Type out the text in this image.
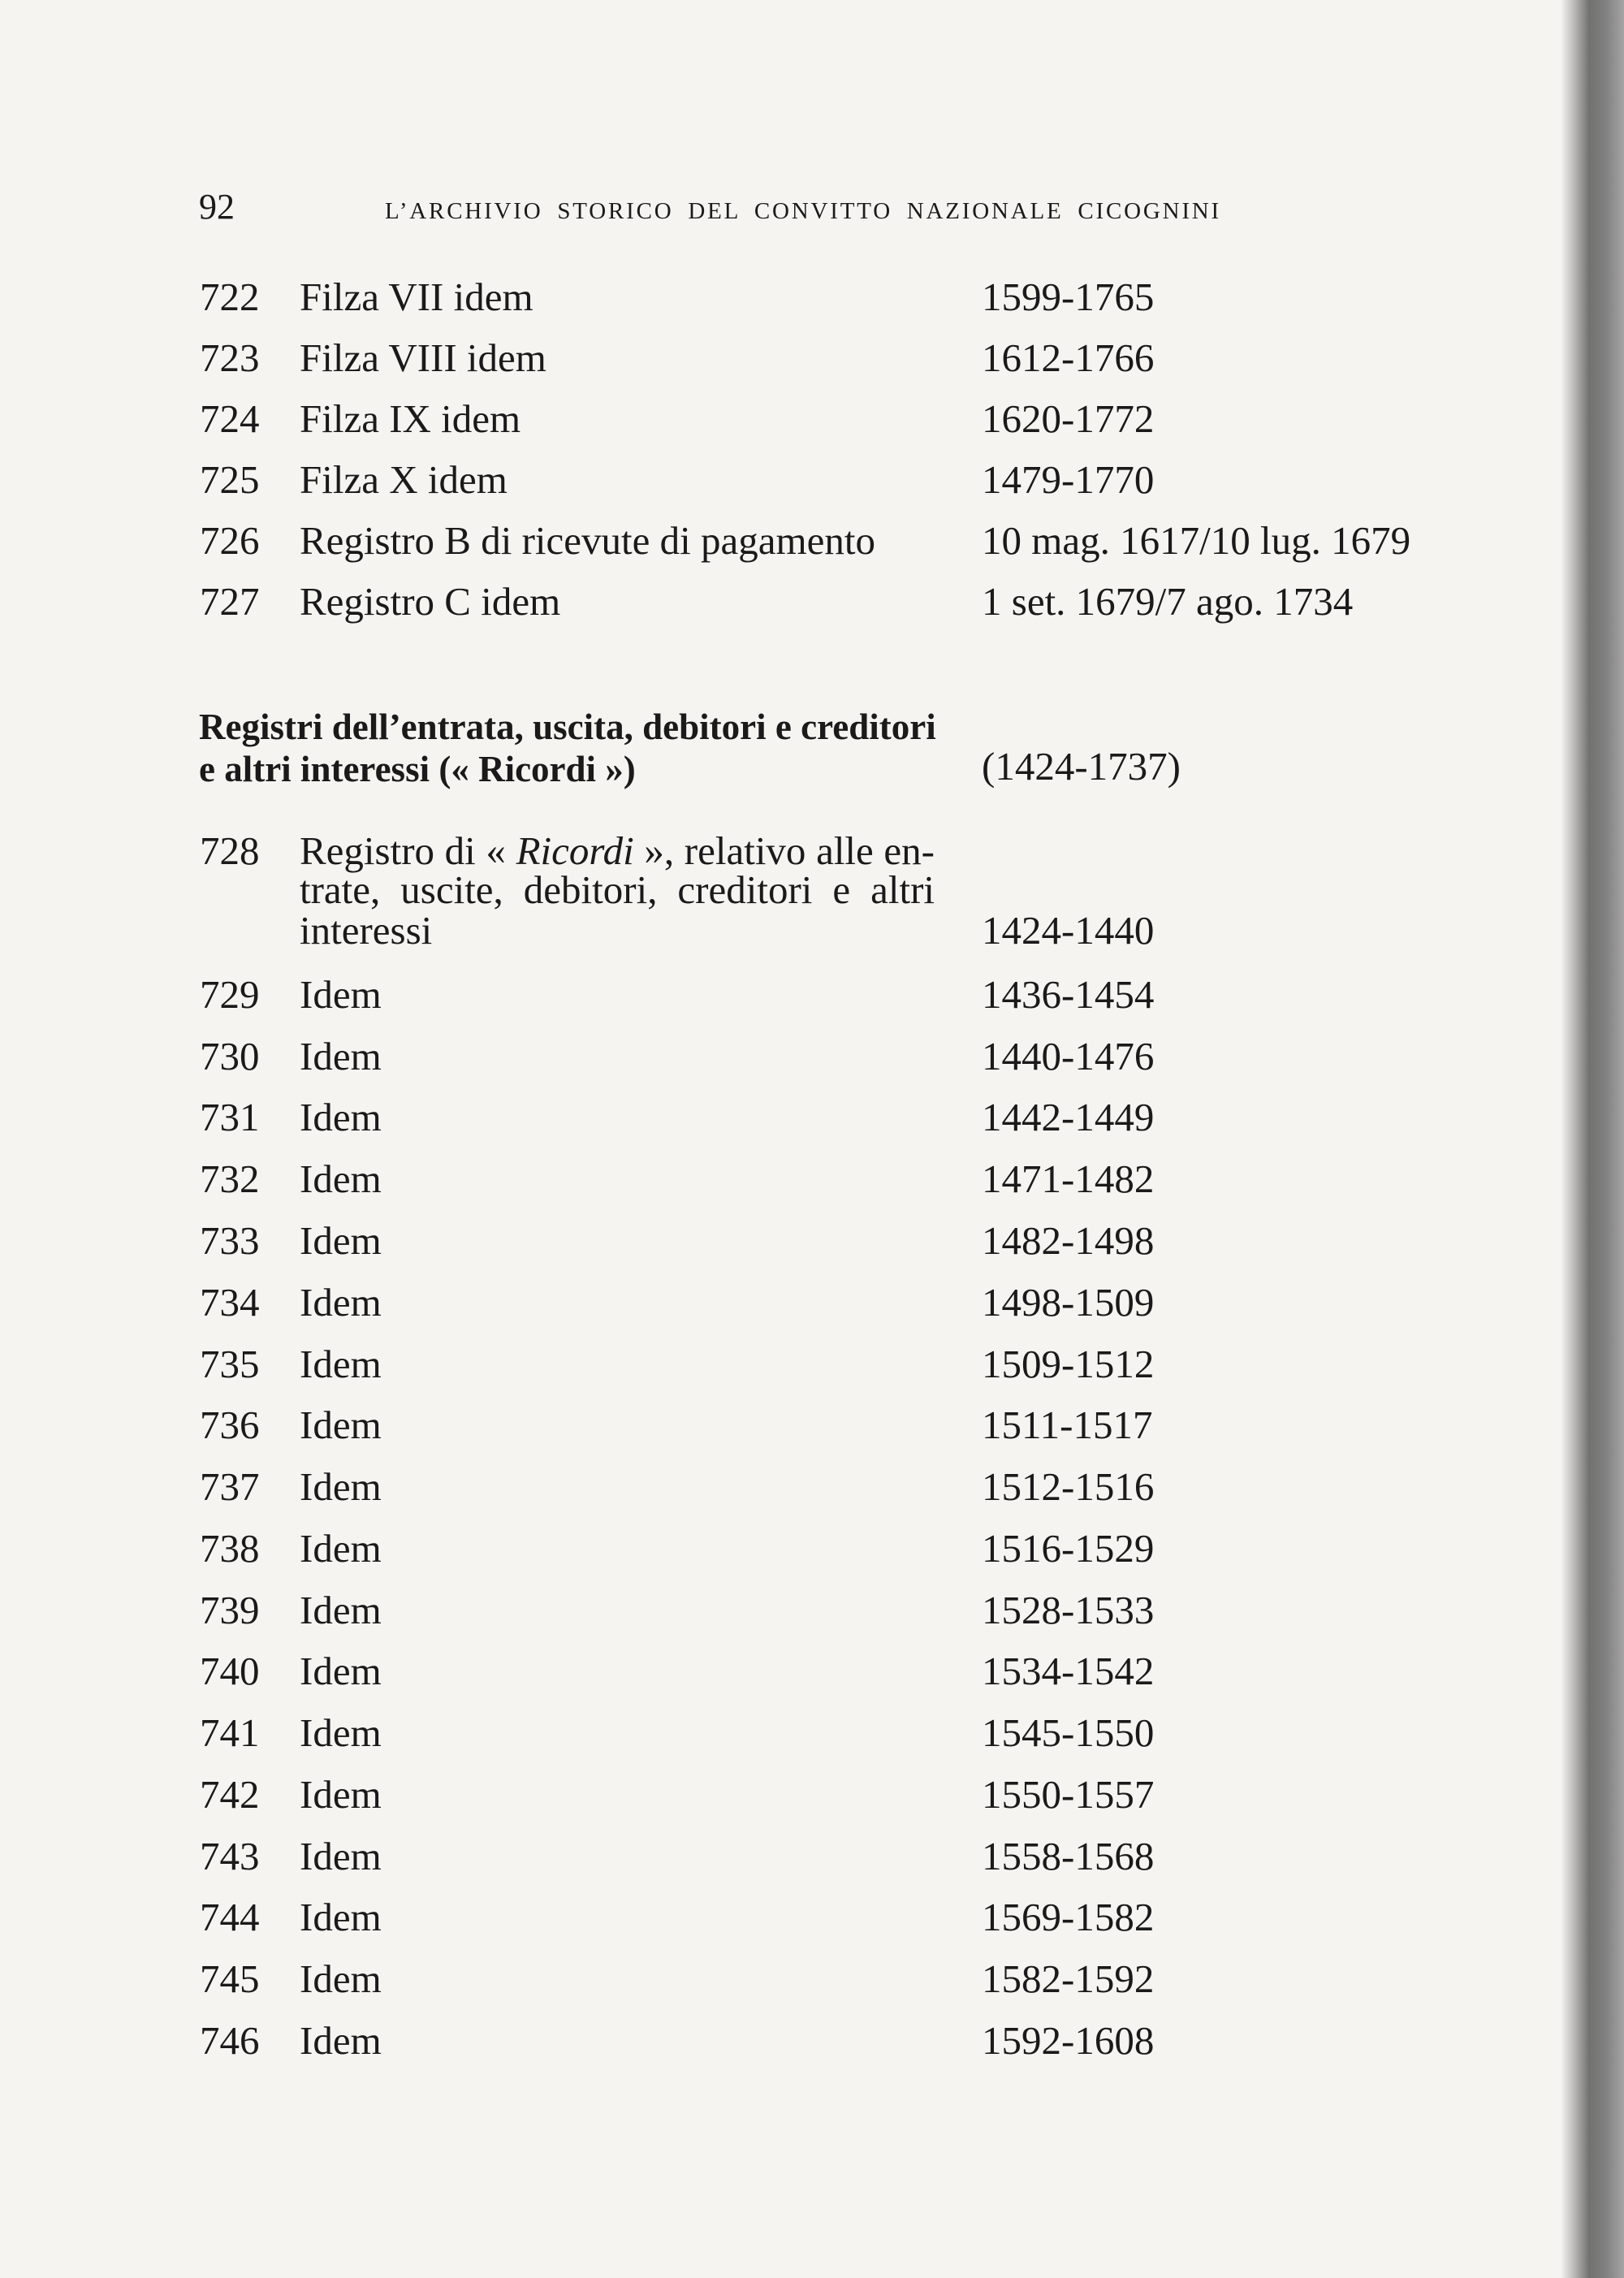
92	L’ARCHIVIO STORICO DEL CONVITTO NAZIONALE CICOGNINI
722 Filza VII idem	1599-1765
723 Filza VIII idem	1612-1766
724 Filza IX idem	1620-1772
725 Filza X idem	1479-1770
726 Registro B di ricevute di pagamento	10 mag. 1617/10 lug. 1679
727 Registro C idem	1 set. 1679/7 ago. 1734
Registri dell’entrata, uscita, debitori e creditori
e altri interessi (« Ricordi »)	(1424-1737)
728 Registro di « Ricordi », relativo alle en-
trate, uscite, debitori, creditori e altri
interessi	1424-1440
729 Idem	1436-1454
730 Idem	1440-1476
731 Idem	1442-1449
732 Idem	1471-1482
733 Idem	1482-1498
734 Idem	1498-1509
735 Idem	1509-1512
736 Idem	1511-1517
737 Idem	1512-1516
738 Idem	1516-1529
739 Idem	1528-1533
740 Idem	1534-1542
741 Idem	1545-1550
742 Idem	1550-1557
743 Idem	1558-1568
744 Idem	1569-1582
745 Idem	1582-1592
746 Idem	1592-1608
